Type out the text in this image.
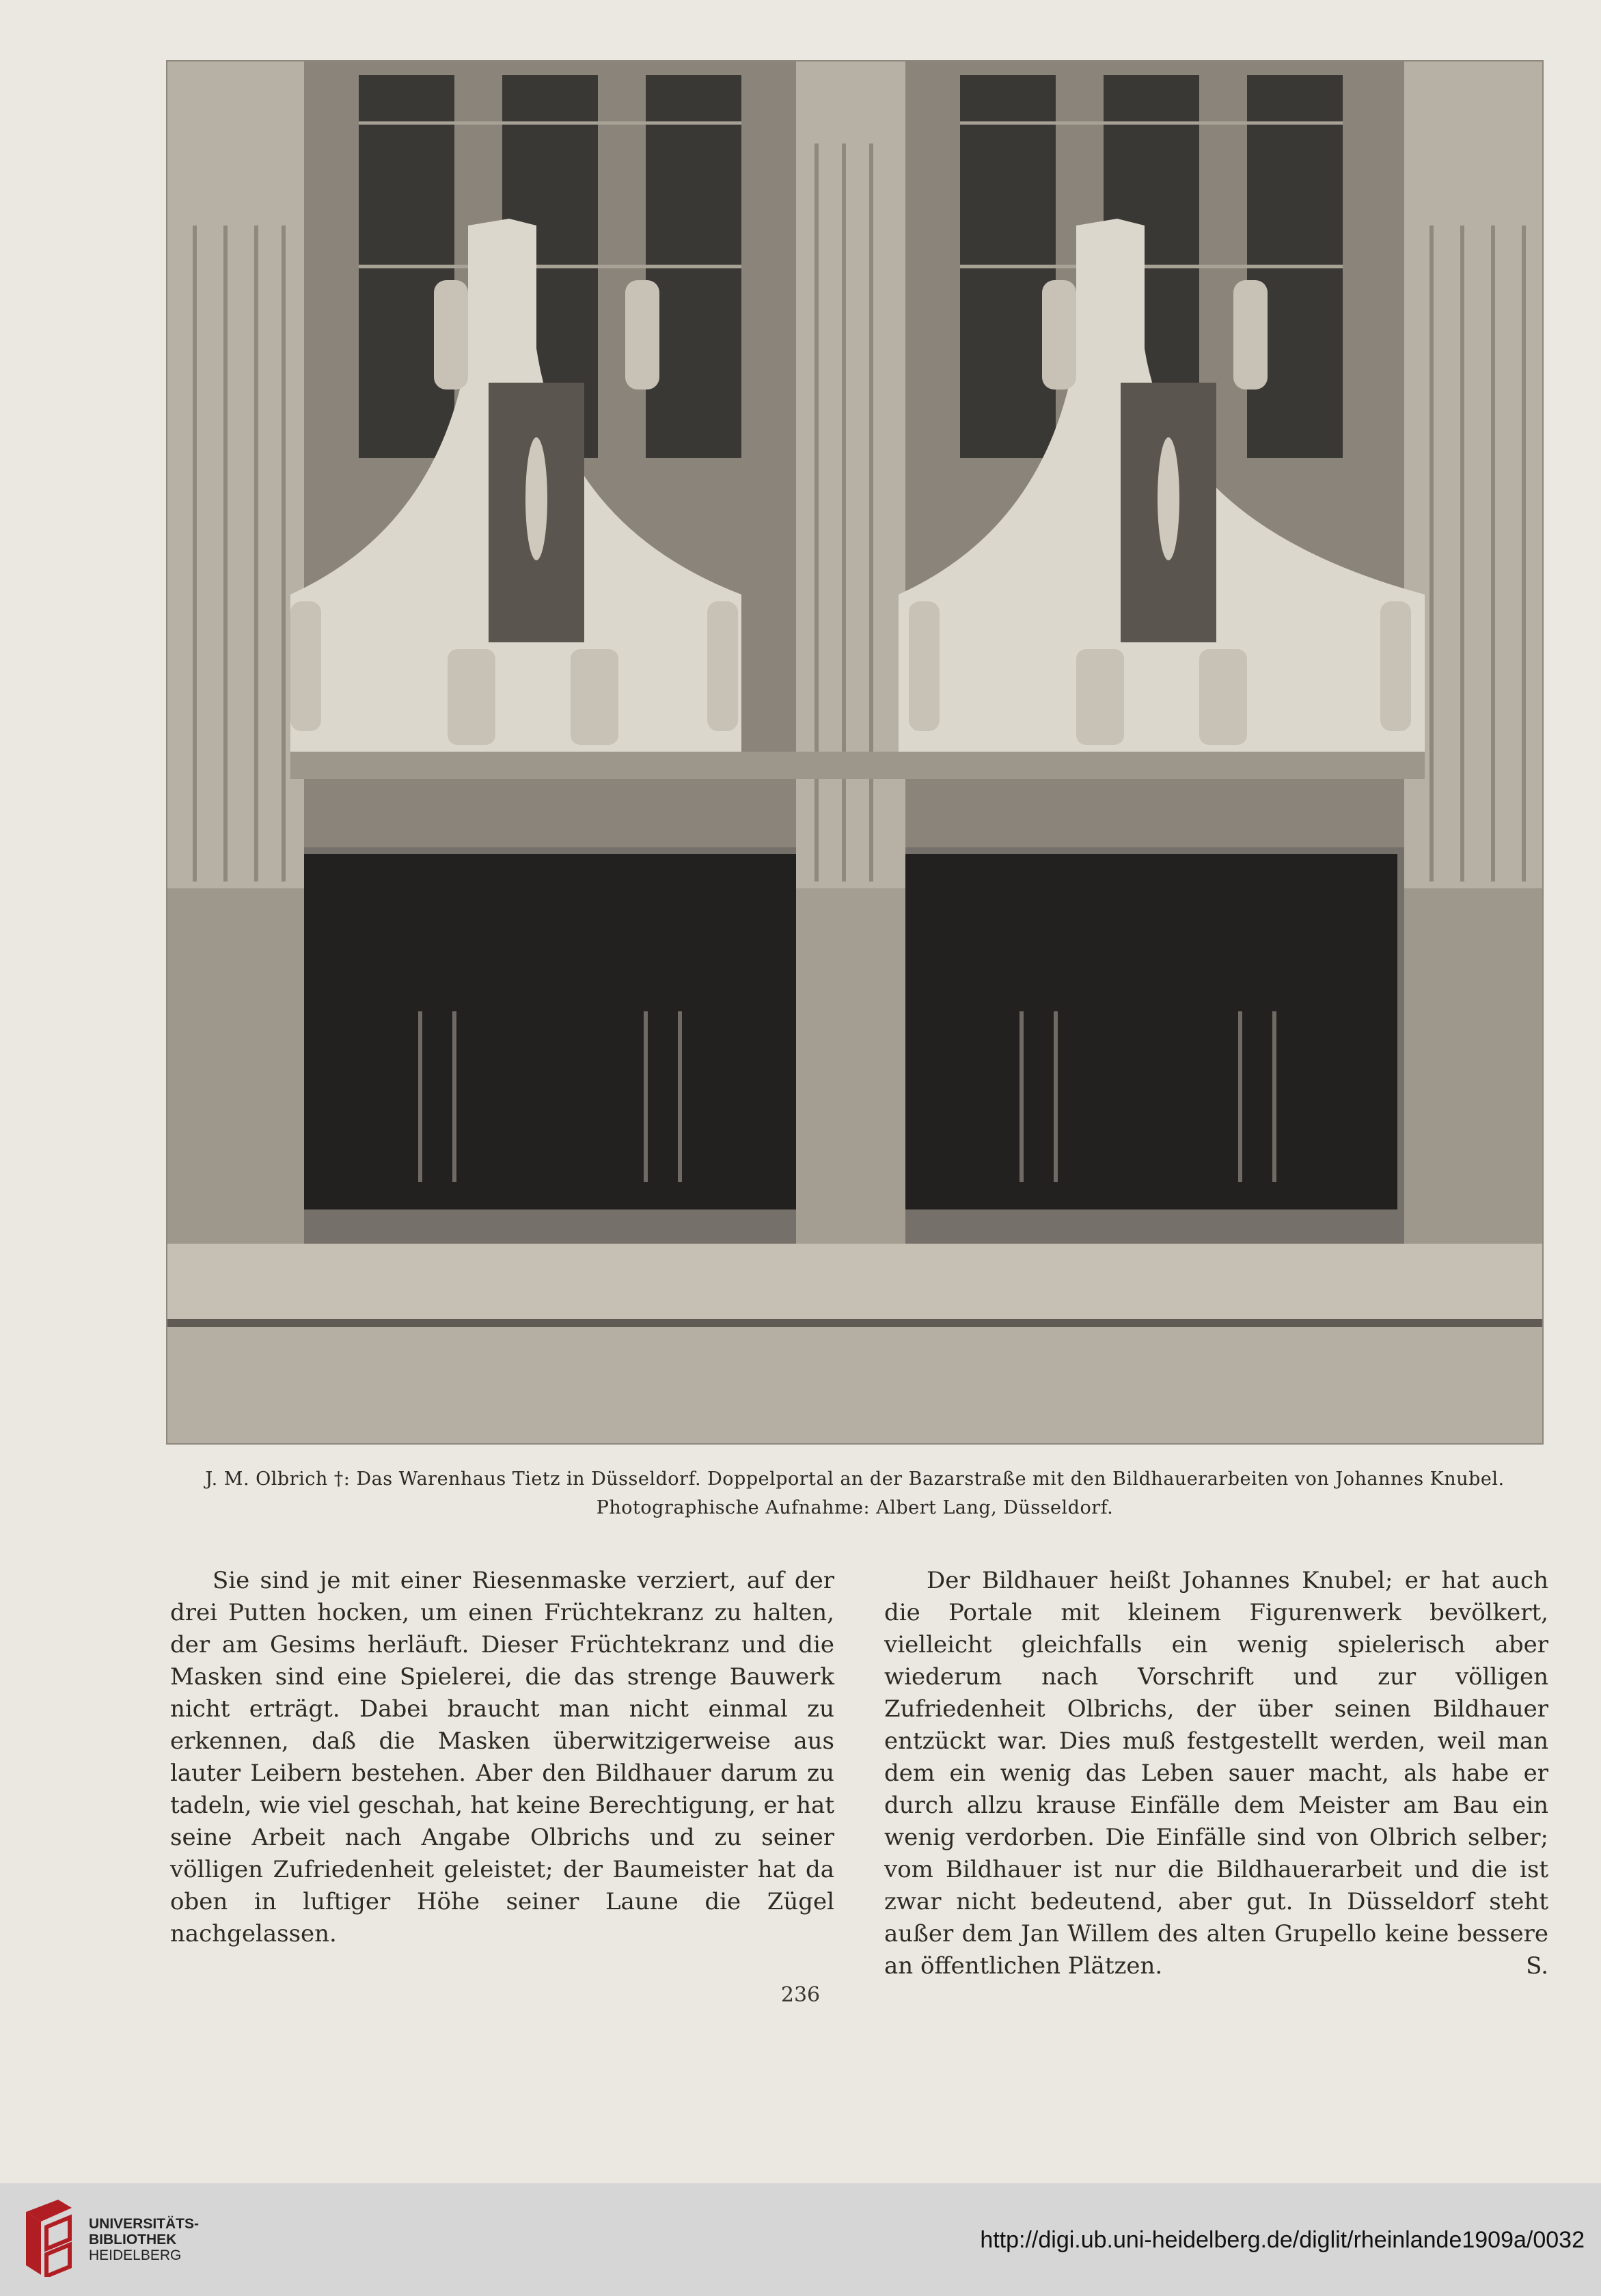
J. M. Olbrich †: Das Warenhaus Tietz in Düsseldorf. Doppelportal an der Bazarstraße mit den Bildhauerarbeiten von Johannes Knubel.
Photographische Aufnahme: Albert Lang, Düsseldorf.

Sie sind je mit einer Riesenmaske verziert, auf der drei Putten hocken, um einen Früchtekranz zu halten, der am Gesims herläuft. Dieser Früchtekranz und die Masken sind eine Spielerei, die das strenge Bauwerk nicht erträgt. Dabei braucht man nicht einmal zu erkennen, daß die Masken überwitzigerweise aus lauter Leibern bestehen. Aber den Bildhauer darum zu tadeln, wie viel geschah, hat keine Berechtigung, er hat seine Arbeit nach Angabe Olbrichs und zu seiner völligen Zufriedenheit geleistet; der Baumeister hat da oben in luftiger Höhe seiner Laune die Zügel nachgelassen.

Der Bildhauer heißt Johannes Knubel; er hat auch die Portale mit kleinem Figurenwerk bevölkert, vielleicht gleichfalls ein wenig spielerisch aber wiederum nach Vorschrift und zur völligen Zufriedenheit Olbrichs, der über seinen Bildhauer entzückt war. Dies muß festgestellt werden, weil man dem ein wenig das Leben sauer macht, als habe er durch allzu krause Einfälle dem Meister am Bau ein wenig verdorben. Die Einfälle sind von Olbrich selber; vom Bildhauer ist nur die Bildhauerarbeit und die ist zwar nicht bedeutend, aber gut. In Düsseldorf steht außer dem Jan Willem des alten Grupello keine bessere an öffentlichen Plätzen.	S.

236
UNIVERSITÄTS-
BIBLIOTHEK
HEIDELBERG
http://digi.ub.uni-heidelberg.de/diglit/rheinlande1909a/0032
